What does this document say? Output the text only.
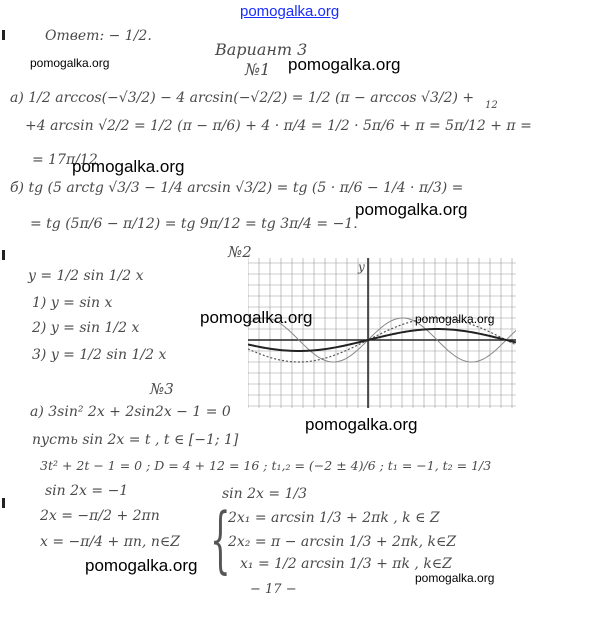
pomogalka.org
Ответ: − 1/2.
Вариант 3
№1
а) 1/2 arccos(−√3/2) − 4 arcsin(−√2/2) = 1/2 (π − arccos √3/2) +
+4 arcsin √2/2 = 1/2 (π − π/6) + 4 · π/4 = 1/2 · 5π/6 + π = 5π/12 + π =
12
= 17π/12
б) tg (5 arctg √3/3 − 1/4 arcsin √3/2) = tg (5 · π/6 − 1/4 · π/3) =
= tg (5π/6 − π/12) = tg 9π/12 = tg 3π/4 = −1.
№2
y = 1/2 sin 1/2 x
1) y = sin x
2) y = sin 1/2 x
3) y = 1/2 sin 1/2 x
y
№3
а) 3sin² 2x + 2sin2x − 1 = 0
пусть sin 2x = t , t ∈ [−1; 1]
3t² + 2t − 1 = 0 ; D = 4 + 12 = 16 ; t₁,₂ = (−2 ± 4)/6 ; t₁ = −1, t₂ = 1/3
sin 2x = −1	sin 2x = 1/3
{
2x = −π/2 + 2πn	2x₁ = arcsin 1/3 + 2πk , k ∈ Z
x = −π/4 + πn, n∈Z	2x₂ = π − arcsin 1/3 + 2πk, k∈Z
x₁ = 1/2 arcsin 1/3 + πk , k∈Z
− 17 −
pomogalka.org	pomogalka.org
pomogalka.org
pomogalka.org
pomogalka.org	pomogalka.org
pomogalka.org
pomogalka.org
pomogalka.org
